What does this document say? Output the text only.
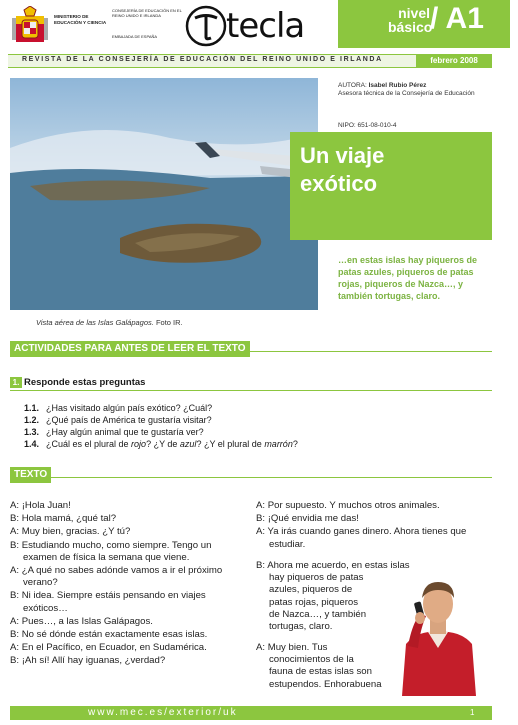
MINISTERIO DE EDUCACIÓN Y CIENCIA
CONSEJERÍA DE EDUCACIÓN EN EL REINO UNIDO E IRLANDA
EMBAJADA DE ESPAÑA tecla	nivel
básico
/ A1
REVISTA DE LA CONSEJERÍA DE EDUCACIÓN DEL REINO UNIDO E IRLANDA	febrero 2008
Vista aérea de las Islas Galápagos. Foto IR.
AUTORA: Isabel Rubio Pérez
Asesora técnica de la Consejería de Educación
NIPO: 651-08-010-4
Un viaje
exótico
…en estas islas hay piqueros de patas azules, piqueros de patas rojas, piqueros de Nazca…, y también tortugas, claro.
ACTIVIDADES PARA ANTES DE LEER EL TEXTO
1. Responde estas preguntas
1.1. ¿Has visitado algún país exótico? ¿Cuál?
1.2. ¿Qué país de América te gustaría visitar?
1.3. ¿Hay algún animal que te gustaría ver?
1.4. ¿Cuál es el plural de rojo? ¿Y de azul? ¿Y el plural de marrón?
TEXTO

A: ¡Hola Juan!

B: Hola mamá, ¿qué tal?

A: Muy bien, gracias. ¿Y tú?

B: Estudiando mucho, como siempre. Tengo un examen de física la semana que viene.

A: ¿A qué no sabes adónde vamos a ir el próximo verano?

B: Ni idea. Siempre estáis pensando en viajes exóticos…

A: Pues…, a las Islas Galápagos.

B: No sé dónde están exactamente esas islas.

A: En el Pacífico, en Ecuador, en Sudamérica.

B: ¡Ah sí! Allí hay iguanas, ¿verdad?

A: Por supuesto. Y muchos otros animales.

B: ¡Qué envidia me das!

A: Ya irás cuando ganes dinero. Ahora tienes que estudiar.

B: Ahora me acuerdo, en estas islas
hay piqueros de patas
azules, piqueros de
patas rojas, piqueros
de Nazca…, y también
tortugas, claro.
A: Muy bien. Tus
conocimientos de la
fauna de estas islas son
estupendos. Enhorabuena
www.mec.es/exterior/uk	1
